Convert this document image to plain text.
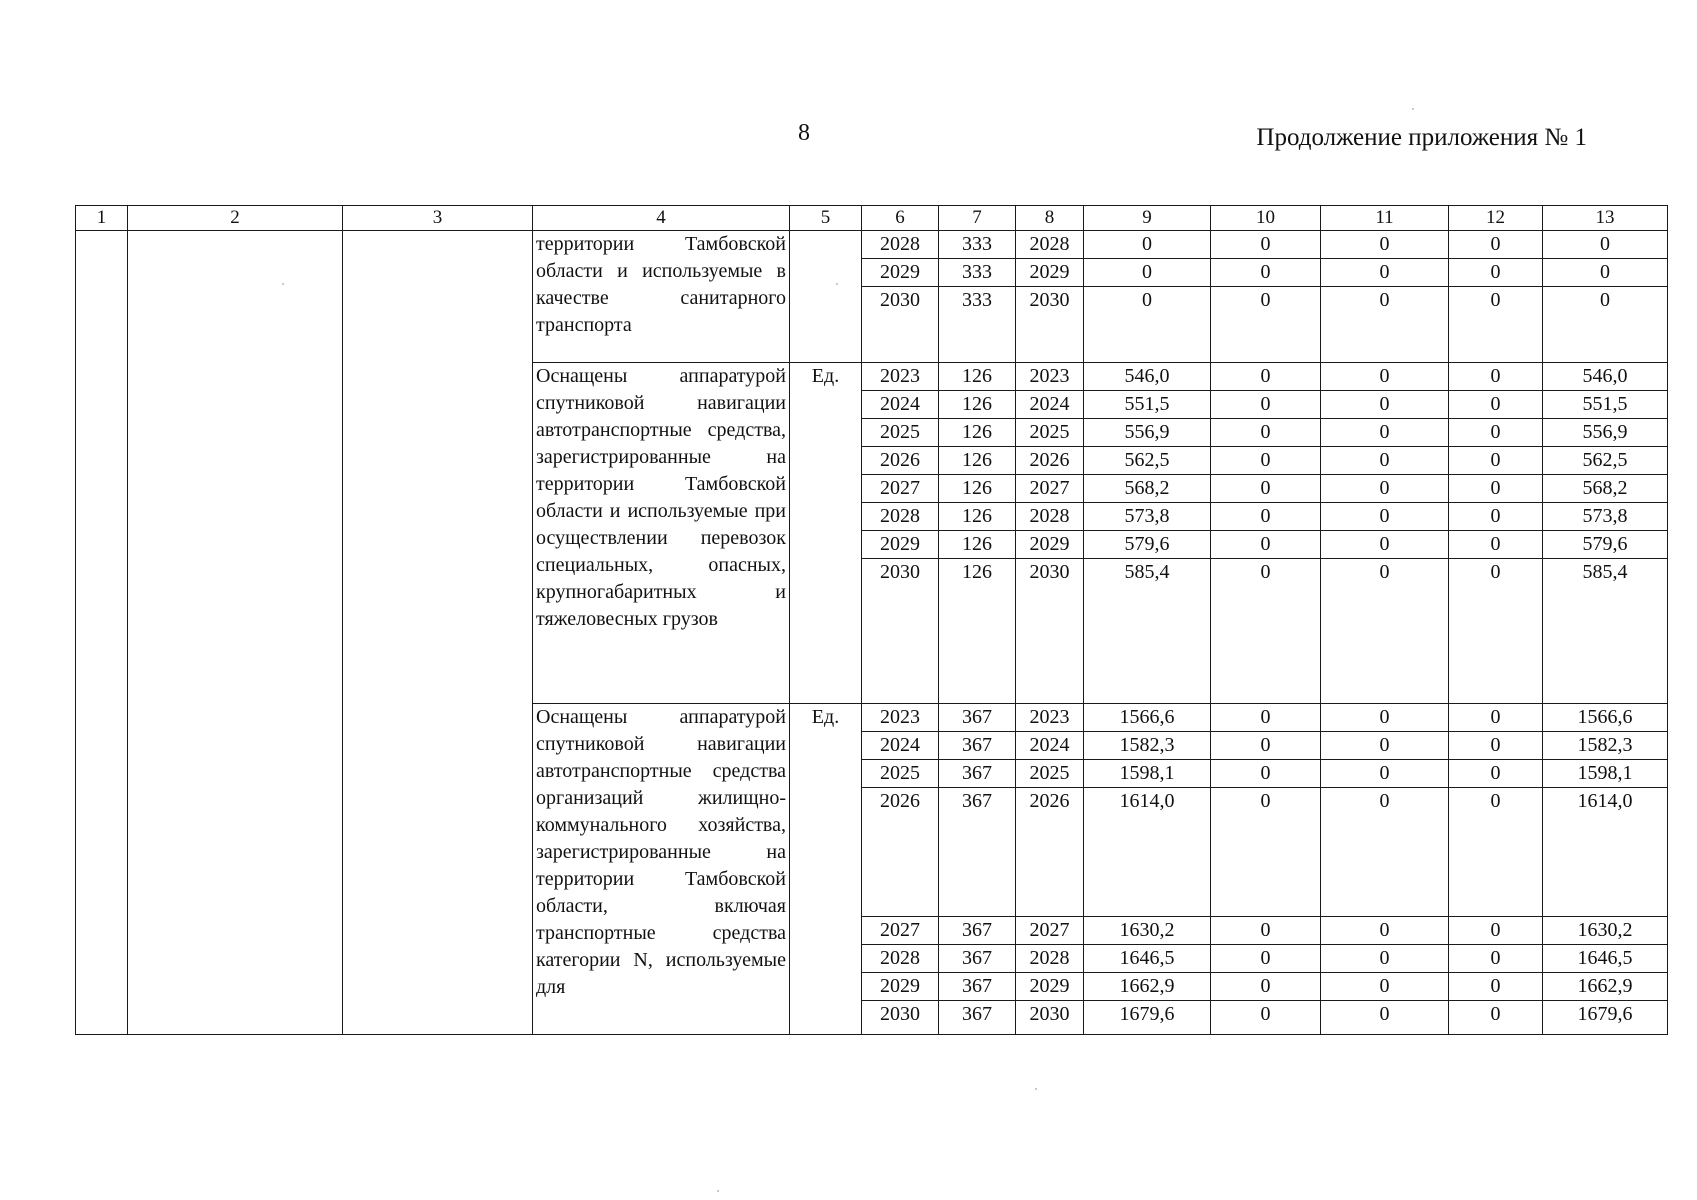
8	Продолжение приложения № 1
1	2	3	4	5	6	7	8	9	10	11	12	13
			территории Тамбовской области и используемые в качестве санитарного транспорта		2028	333	2028	0	0	0	0	0
					2029	333	2029	0	0	0	0	0
					2030	333	2030	0	0	0	0	0
			Оснащены аппаратурой спутниковой навигации автотранспортные средства, зарегистрированные на территории Тамбовской области и используемые при осуществлении перевозок специальных, опасных, крупногабаритных и тяжеловесных грузов	Ед.	2023	126	2023	546,0	0	0	0	546,0
					2024	126	2024	551,5	0	0	0	551,5
					2025	126	2025	556,9	0	0	0	556,9
					2026	126	2026	562,5	0	0	0	562,5
					2027	126	2027	568,2	0	0	0	568,2
					2028	126	2028	573,8	0	0	0	573,8
					2029	126	2029	579,6	0	0	0	579,6
					2030	126	2030	585,4	0	0	0	585,4
			Оснащены аппаратурой спутниковой навигации автотранспортные средства организаций жилищно-коммунального хозяйства, зарегистрированные на территории Тамбовской области, включая транспортные средства категории N, используемые для	Ед.	2023	367	2023	1566,6	0	0	0	1566,6
					2024	367	2024	1582,3	0	0	0	1582,3
					2025	367	2025	1598,1	0	0	0	1598,1
					2026	367	2026	1614,0	0	0	0	1614,0
					2027	367	2027	1630,2	0	0	0	1630,2
					2028	367	2028	1646,5	0	0	0	1646,5
					2029	367	2029	1662,9	0	0	0	1662,9
					2030	367	2030	1679,6	0	0	0	1679,6
